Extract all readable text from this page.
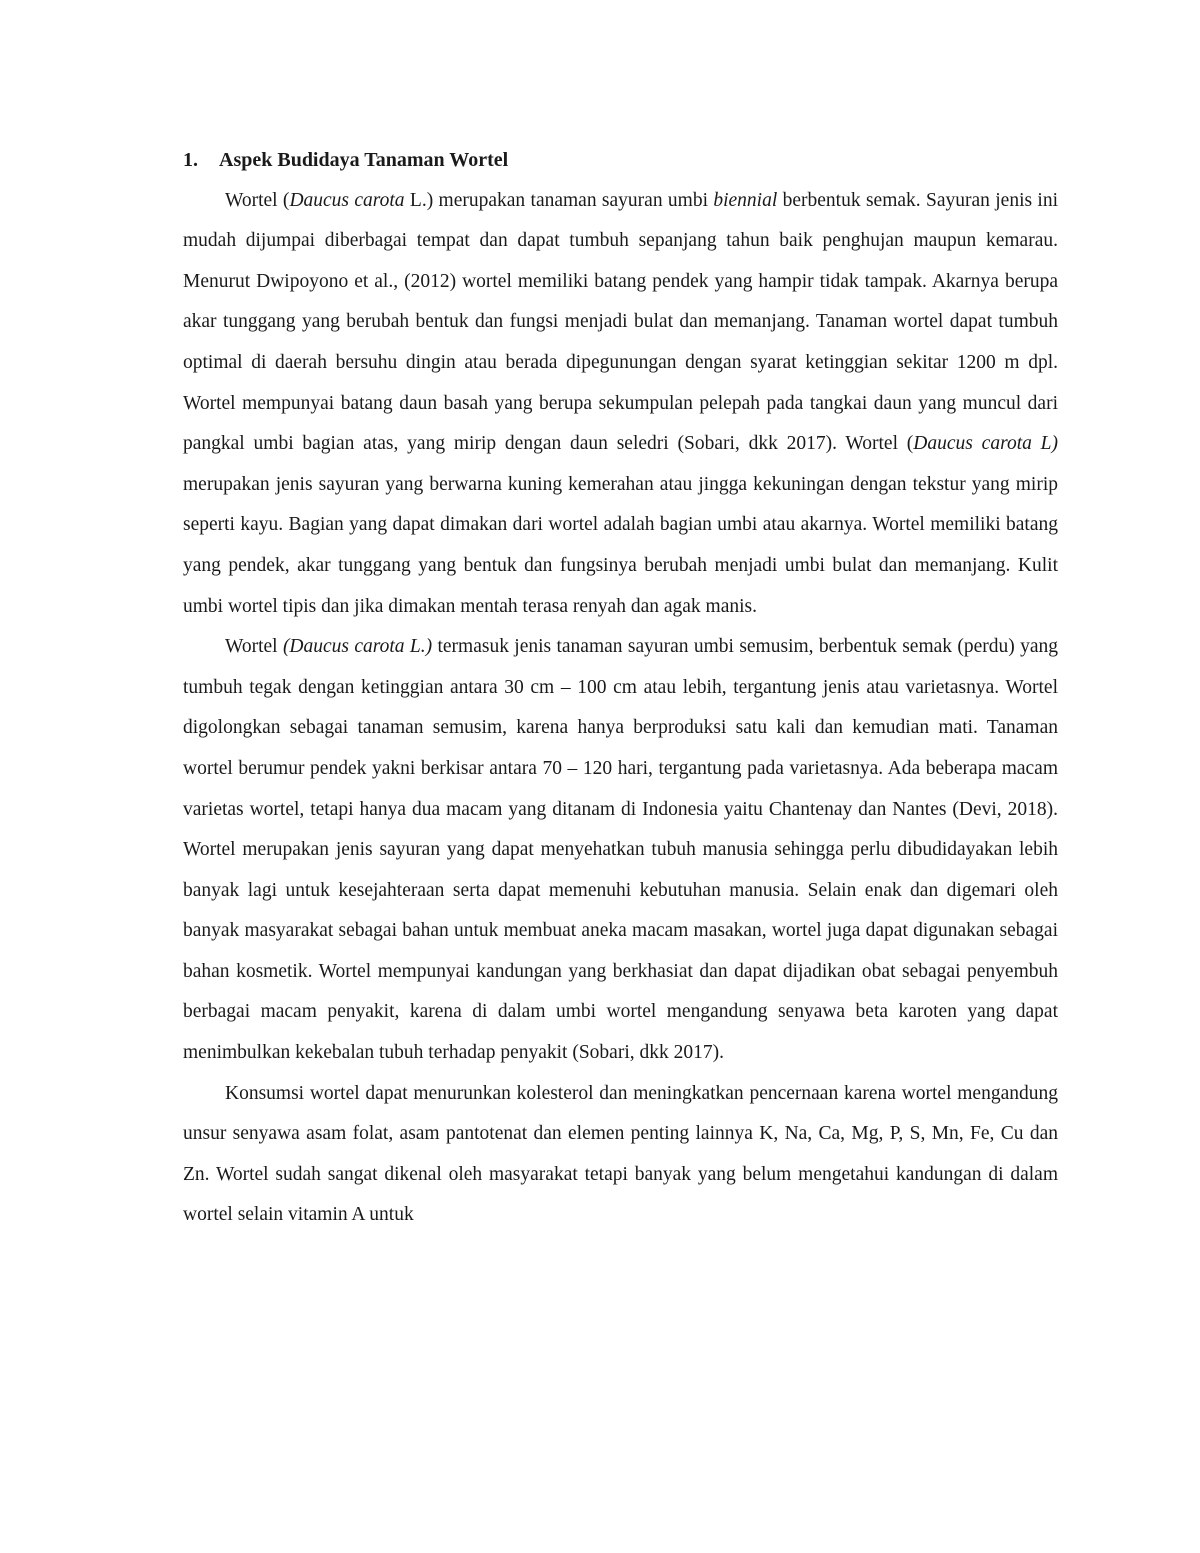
1.	Aspek Budidaya Tanaman Wortel

Wortel (Daucus carota L.) merupakan tanaman sayuran umbi biennial berbentuk semak. Sayuran jenis ini mudah dijumpai diberbagai tempat dan dapat tumbuh sepanjang tahun baik penghujan maupun kemarau. Menurut Dwipoyono et al., (2012) wortel memiliki batang pendek yang hampir tidak tampak. Akarnya berupa akar tunggang yang berubah bentuk dan fungsi menjadi bulat dan memanjang. Tanaman wortel dapat tumbuh optimal di daerah bersuhu dingin atau berada dipegunungan dengan syarat ketinggian sekitar 1200 m dpl. Wortel mempunyai batang daun basah yang berupa sekumpulan pelepah pada tangkai daun yang muncul dari pangkal umbi bagian atas, yang mirip dengan daun seledri (Sobari, dkk 2017). Wortel (Daucus carota L) merupakan jenis sayuran yang berwarna kuning kemerahan atau jingga kekuningan dengan tekstur yang mirip seperti kayu. Bagian yang dapat dimakan dari wortel adalah bagian umbi atau akarnya. Wortel memiliki batang yang pendek, akar tunggang yang bentuk dan fungsinya berubah menjadi umbi bulat dan memanjang. Kulit umbi wortel tipis dan jika dimakan mentah terasa renyah dan agak manis.

Wortel (Daucus carota L.) termasuk jenis tanaman sayuran umbi semusim, berbentuk semak (perdu) yang tumbuh tegak dengan ketinggian antara 30 cm – 100 cm atau lebih, tergantung jenis atau varietasnya. Wortel digolongkan sebagai tanaman semusim, karena hanya berproduksi satu kali dan kemudian mati. Tanaman wortel berumur pendek yakni berkisar antara 70 – 120 hari, tergantung pada varietasnya. Ada beberapa macam varietas wortel, tetapi hanya dua macam yang ditanam di Indonesia yaitu Chantenay dan Nantes (Devi, 2018). Wortel merupakan jenis sayuran yang dapat menyehatkan tubuh manusia sehingga perlu dibudidayakan lebih banyak lagi untuk kesejahteraan serta dapat memenuhi kebutuhan manusia. Selain enak dan digemari oleh banyak masyarakat sebagai bahan untuk membuat aneka macam masakan, wortel juga dapat digunakan sebagai bahan kosmetik. Wortel mempunyai kandungan yang berkhasiat dan dapat dijadikan obat sebagai penyembuh berbagai macam penyakit, karena di dalam umbi wortel mengandung senyawa beta karoten yang dapat menimbulkan kekebalan tubuh terhadap penyakit (Sobari, dkk 2017).

Konsumsi wortel dapat menurunkan kolesterol dan meningkatkan pencernaan karena wortel mengandung unsur senyawa asam folat, asam pantotenat dan elemen penting lainnya K, Na, Ca, Mg, P, S, Mn, Fe, Cu dan Zn. Wortel sudah sangat dikenal oleh masyarakat tetapi banyak yang belum mengetahui kandungan di dalam wortel selain vitamin A untuk
